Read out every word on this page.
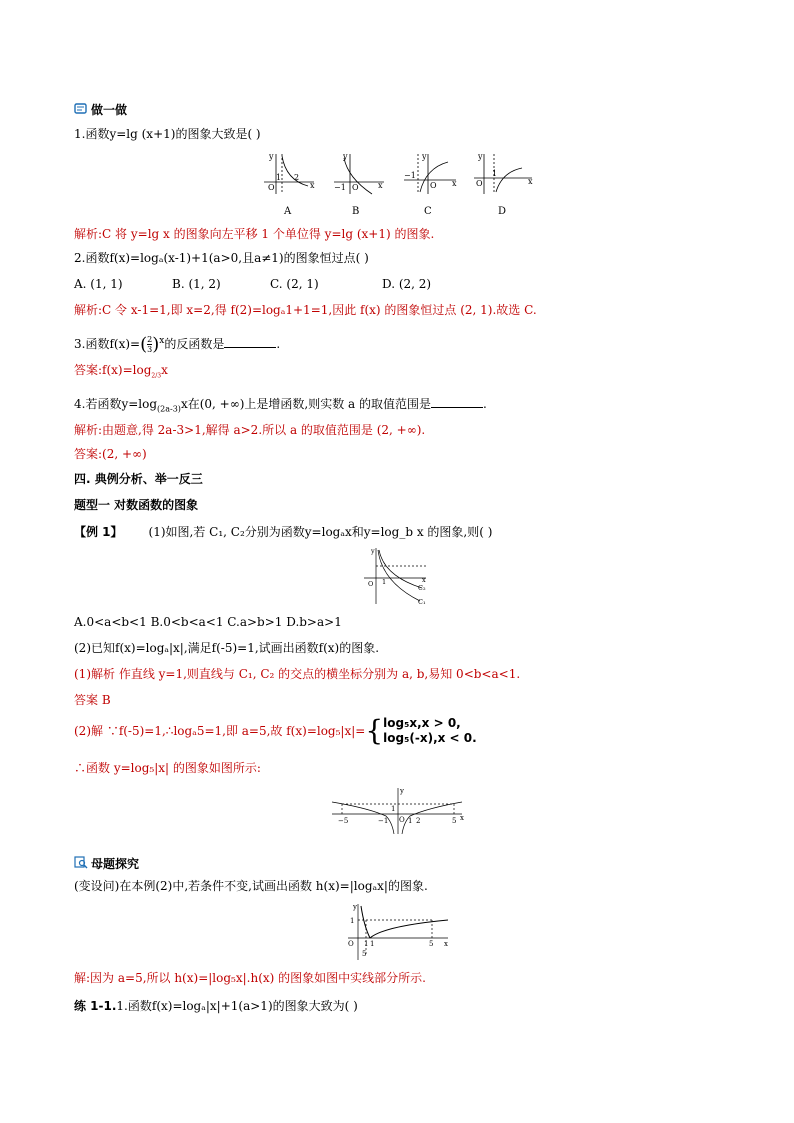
做一做
1.函数y=lg (x+1)的图象大致是( )
y
O
1 2
x
y
−1 O x
y
−1
O x
y
O
1
x
A	B	C	D
解析:C 将 y=lg x 的图象向左平移 1 个单位得 y=lg (x+1) 的图象.
2.函数f(x)=logₐ(x-1)+1(a>0,且a≠1)的图象恒过点( )
A. (1, 1)	B. (1, 2)	C. (2, 1)	D. (2, 2)
解析:C 令 x-1=1,即 x=2,得 f(2)=logₐ1+1=1,因此 f(x) 的图象恒过点 (2, 1).故选 C.
3.函数$f(x)=( \frac{2}{3} )^x$的反函数是	.
答案$:f(x)=\log_{2/3}x$
4.若函数$y=\log_{(2a-3)}x$在(0, +∞)上是增函数,则实数 a 的取值范围是	.
解析:由题意,得 2a-3>1,解得 a>2.所以 a 的取值范围是 (2, +∞).
答案:(2, +∞)
四. 典例分析、举一反三
题型一 对数函数的图象
【例 1】 (1)如图,若 C₁, C₂分别为函数y=logₐx和y=log_b x 的图象,则( )
y
O 1
C₂
C₁
x
A.0<a<b<1 B.0<b<a<1 C.a>b>1 D.b>a>1
(2)已知f(x)=logₐ|x|,满足f(-5)=1,试画出函数f(x)的图象.
(1)解析 作直线 y=1,则直线与 C₁, C₂ 的交点的横坐标分别为 a, b,易知 0<b<a<1.
答案 B
(2)解 ∵f(-5)=1,∴logₐ5=1,即 a=5,故 f(x)=log₅|x|={ log₅x,x > 0,
log₅(-x),x < 0.
∴函数 y=log₅|x| 的图象如图所示:
y
1
O
−5	−1	1 2	5 x
母题探究
(变设问)在本例(2)中,若条件不变,试画出函数 h(x)=|logₐx|的图象.
y
1
O 1 1
5
5 x
解:因为 a=5,所以 h(x)=|log₅x|.h(x) 的图象如图中实线部分所示.
练 1-1.1.函数f(x)=logₐ|x|+1(a>1)的图象大致为( )
